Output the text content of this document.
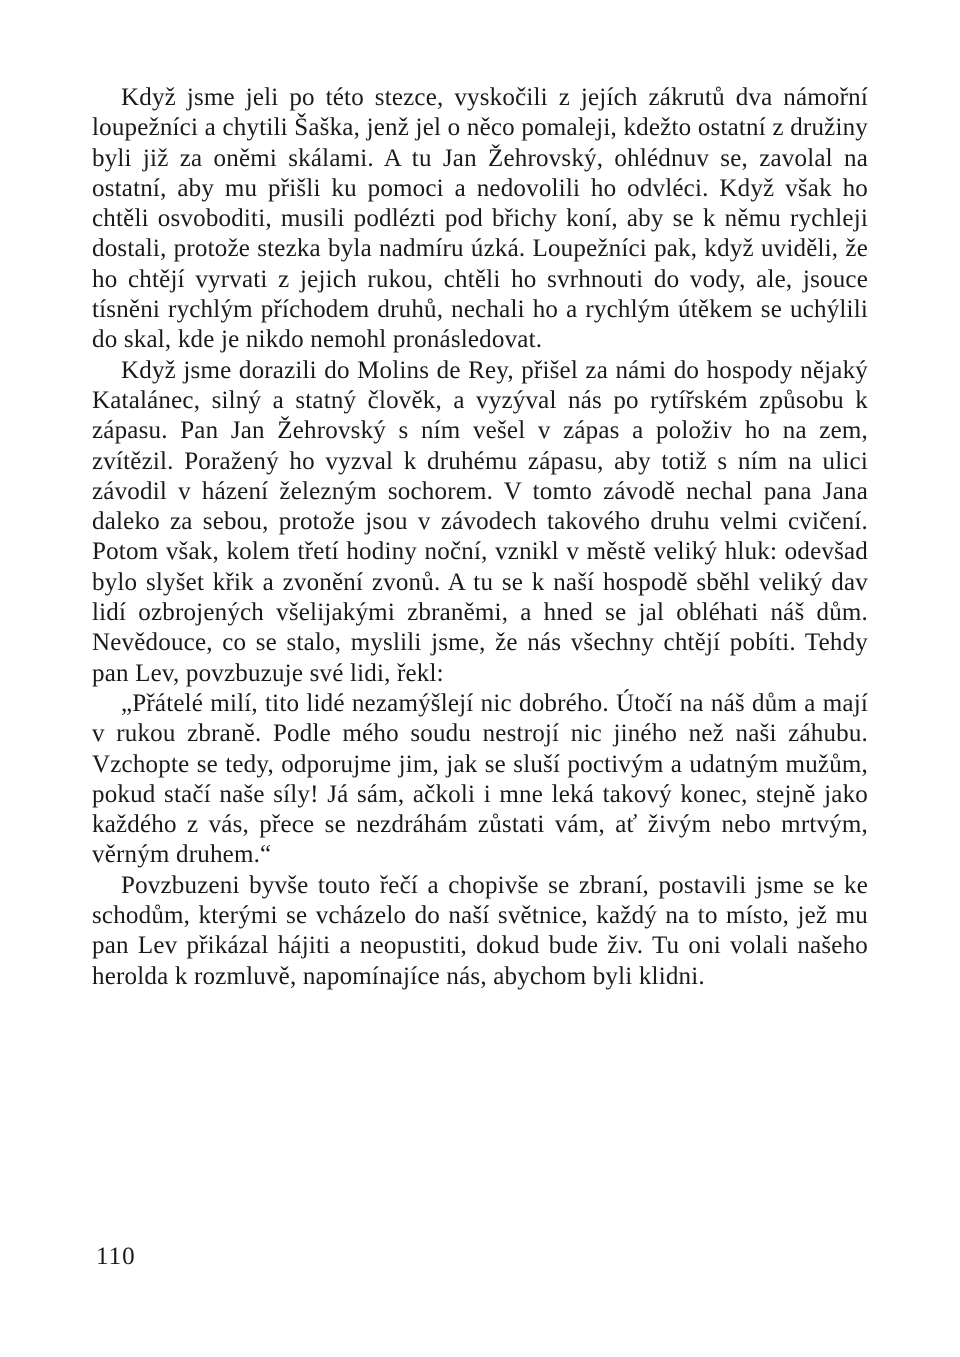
Když jsme jeli po této stezce, vyskočili z jejích zákrutů dva námořní loupežníci a chytili Šaška, jenž jel o něco pomaleji, kdežto ostatní z družiny byli již za oněmi skálami. A tu Jan Žehrovský, ohlédnuv se, zavolal na ostatní, aby mu přišli ku pomoci a nedovolili ho odvléci. Když však ho chtěli osvoboditi, musili podlézti pod břichy koní, aby se k němu rychleji dostali, protože stezka byla nadmíru úzká. Loupežníci pak, když uviděli, že ho chtějí vyrvati z jejich rukou, chtěli ho svrhnouti do vody, ale, jsouce tísněni rychlým příchodem druhů, nechali ho a rychlým útěkem se uchýlili do skal, kde je nikdo nemohl pronásledovat.

Když jsme dorazili do Molins de Rey, přišel za námi do hospody nějaký Katalánec, silný a statný člověk, a vyzýval nás po rytířském způsobu k zápasu. Pan Jan Žehrovský s ním vešel v zápas a položiv ho na zem, zvítězil. Poražený ho vyzval k druhému zápasu, aby totiž s ním na ulici závodil v házení železným sochorem. V tomto závodě nechal pana Jana daleko za sebou, protože jsou v závodech takového druhu velmi cvičení. Potom však, kolem třetí hodiny noční, vznikl v městě veliký hluk: odevšad bylo slyšet křik a zvonění zvonů. A tu se k naší hospodě sběhl veliký dav lidí ozbrojených všelijakými zbraněmi, a hned se jal obléhati náš dům. Nevědouce, co se stalo, myslili jsme, že nás všechny chtějí pobíti. Tehdy pan Lev, povzbuzuje své lidi, řekl:

„Přátelé milí, tito lidé nezamýšlejí nic dobrého. Útočí na náš dům a mají v rukou zbraně. Podle mého soudu nestrojí nic jiného než naši záhubu. Vzchopte se tedy, odporujme jim, jak se sluší poctivým a udatným mužům, pokud stačí naše síly! Já sám, ačkoli i mne leká takový konec, stejně jako každého z vás, přece se nezdráhám zůstati vám, ať živým nebo mrtvým, věrným druhem.“

Povzbuzeni byvše touto řečí a chopivše se zbraní, postavili jsme se ke schodům, kterými se vcházelo do naší světnice, každý na to místo, jež mu pan Lev přikázal hájiti a neopustiti, dokud bude živ. Tu oni volali našeho herolda k rozmluvě, napomínajíce nás, abychom byli klidni.

110
